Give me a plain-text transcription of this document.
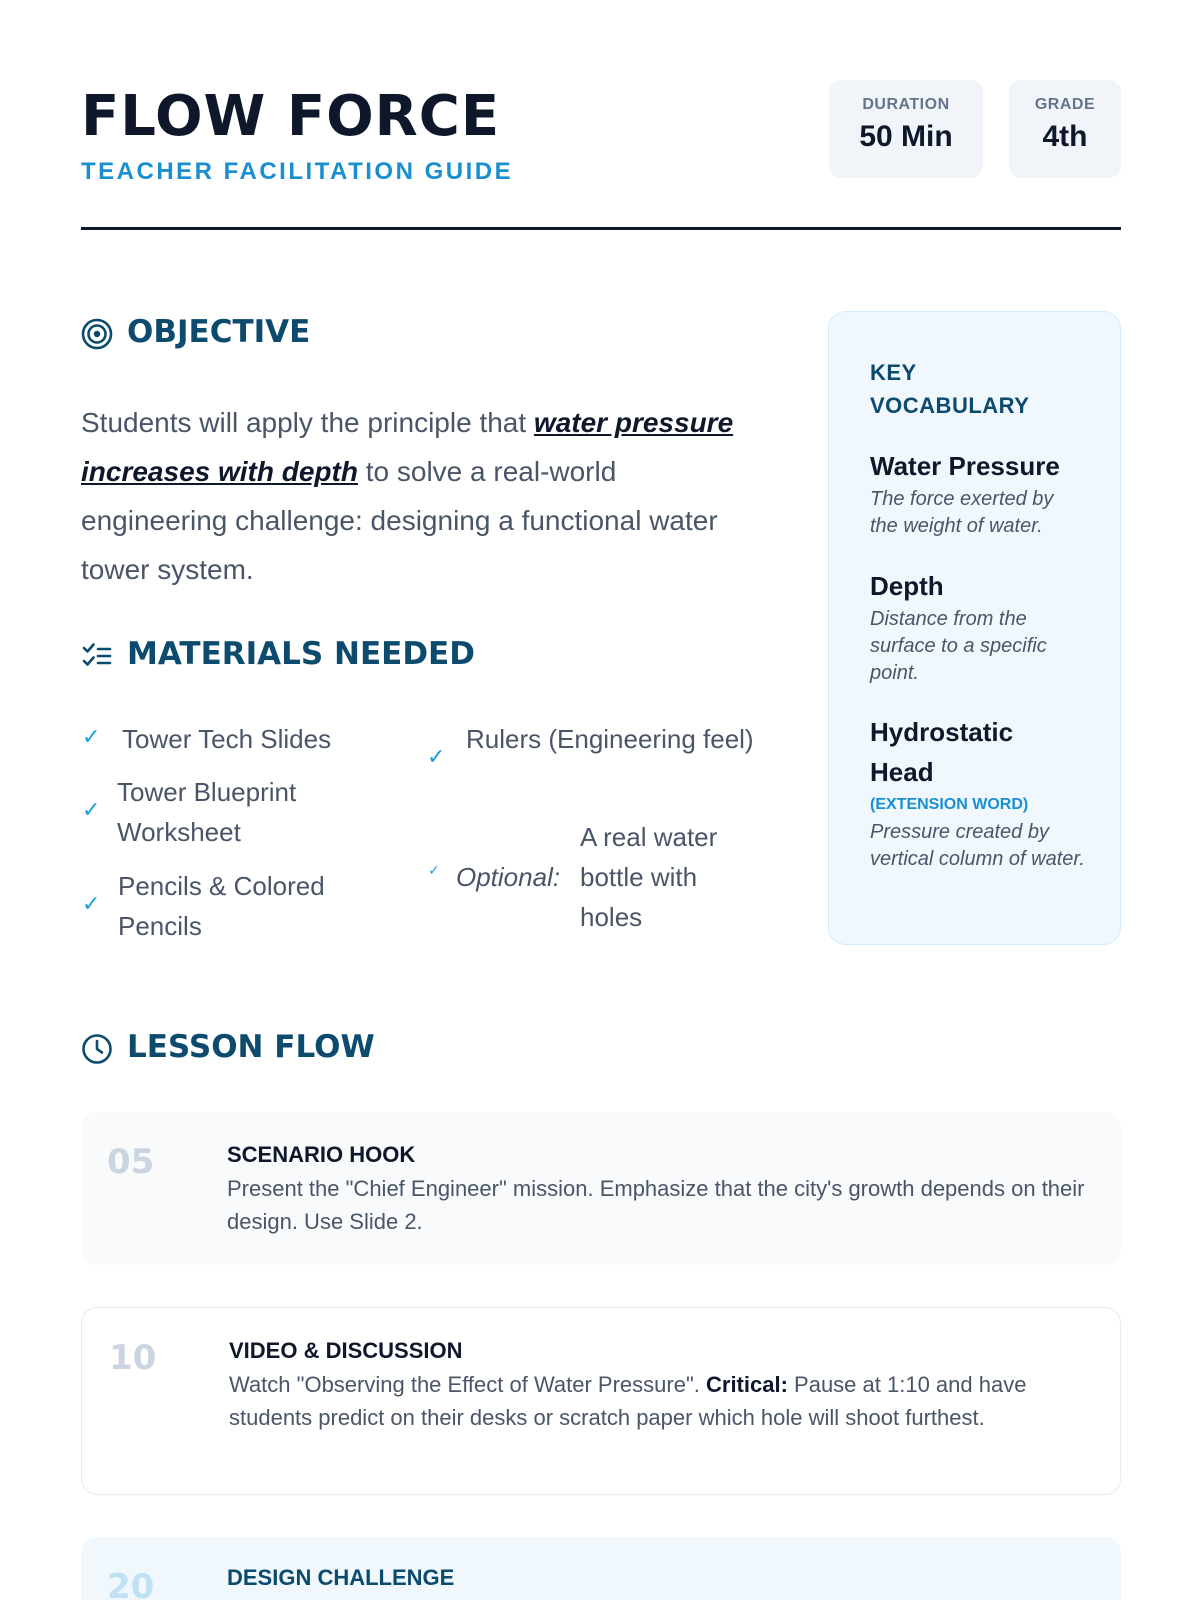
FLOW FORCE
TEACHER FACILITATION GUIDE
DURATION
50 Min
GRADE
4th
OBJECTIVE

Students will apply the principle that water pressure increases with depth to solve a real-world engineering challenge: designing a functional water tower system.

MATERIALS NEEDED
✓ Tower Tech Slides
✓
Tower Blueprint Worksheet
✓
Pencils & Colored Pencils
✓
Rulers (Engineering feel)
✓ Optional:
A real water bottle with holes
KEY VOCABULARY
Water Pressure
The force exerted by the weight of water.
Depth
Distance from the surface to a specific point.
Hydrostatic Head
(EXTENSION WORD)
Pressure created by vertical column of water.
LESSON FLOW
05	SCENARIO HOOK
Present the "Chief Engineer" mission. Emphasize that the city's growth depends on their design. Use Slide 2.
10	VIDEO & DISCUSSION
Watch "Observing the Effect of Water Pressure". Critical: Pause at 1:10 and have students predict on their desks or scratch paper which hole will shoot furthest.
20	DESIGN CHALLENGE
